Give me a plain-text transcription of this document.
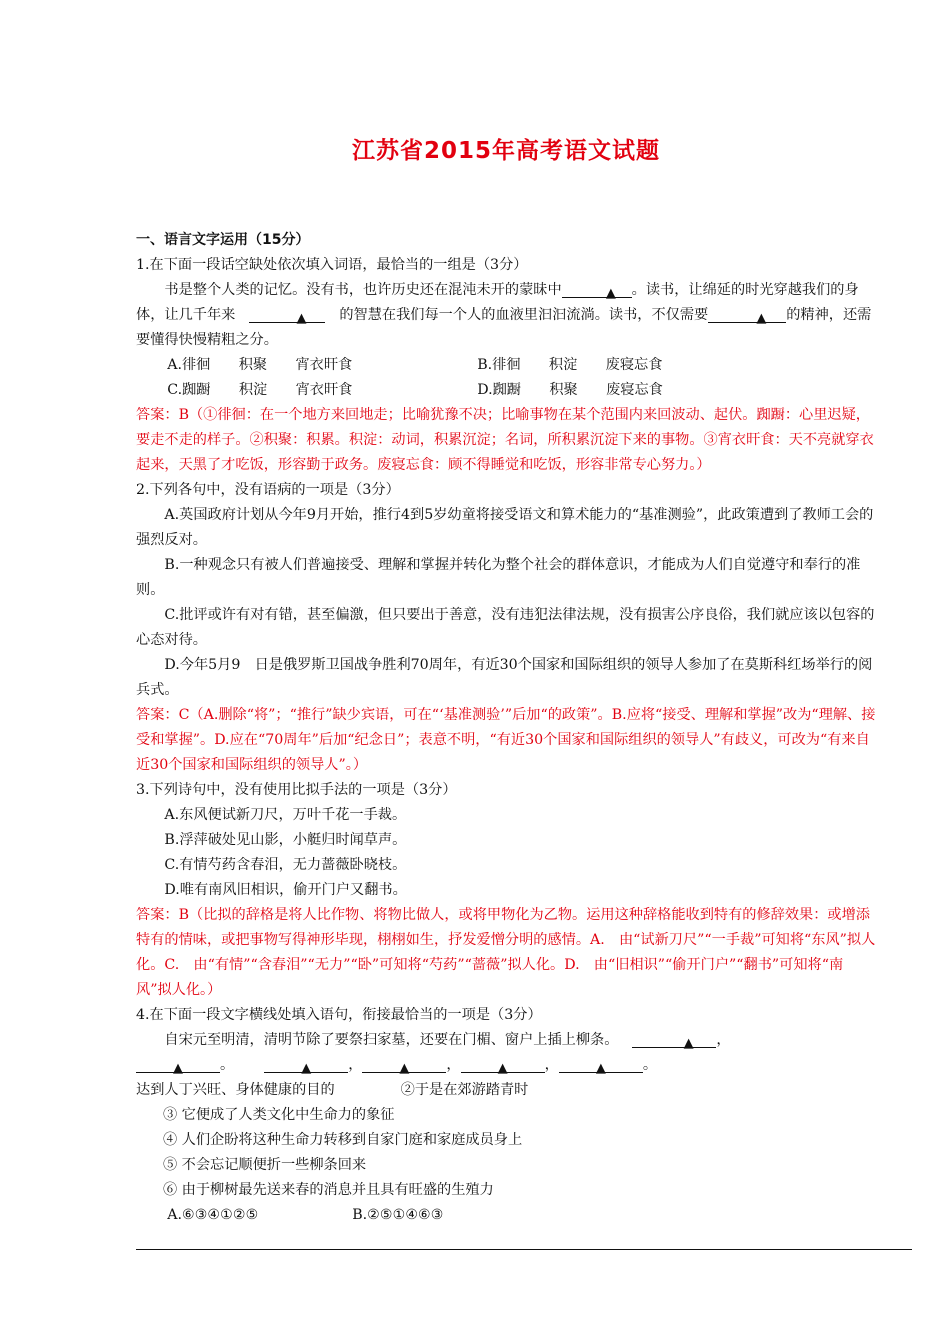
江苏省2015年高考语文试题

一、语言文字运用（15分）

1.在下面一段话空缺处依次填入词语，最恰当的一组是（3分）

书是整个人类的记忆。没有书，也许历史还在混沌未开的蒙昧中 ▲	。读书，让绵延的时光穿越我们的身体，让几千年来 ▲	的智慧在我们每一个人的血液里汩汩流淌。读书，不仅需要 ▲	的精神，还需要懂得快慢精粗之分。

A.徘徊　　积聚　　宵衣旰食	B.徘徊　　积淀　　废寝忘食

C.踟蹰　　积淀　　宵衣旰食	D.踟蹰　　积聚　　废寝忘食

答案：B（①徘徊：在一个地方来回地走；比喻犹豫不决；比喻事物在某个范围内来回波动、起伏。踟蹰：心里迟疑，要走不走的样子。②积聚：积累。积淀：动词，积累沉淀；名词，所积累沉淀下来的事物。③宵衣旰食：天不亮就穿衣起来，天黑了才吃饭，形容勤于政务。废寝忘食：顾不得睡觉和吃饭，形容非常专心努力。）

2.下列各句中，没有语病的一项是（3分）

A.英国政府计划从今年9月开始，推行4到5岁幼童将接受语文和算术能力的“基准测验”，此政策遭到了教师工会的强烈反对。

B.一种观念只有被人们普遍接受、理解和掌握并转化为整个社会的群体意识，才能成为人们自觉遵守和奉行的准则。

C.批评或许有对有错，甚至偏激，但只要出于善意，没有违犯法律法规，没有损害公序良俗，我们就应该以包容的心态对待。

D.今年5月9　日是俄罗斯卫国战争胜利70周年，有近30个国家和国际组织的领导人参加了在莫斯科红场举行的阅兵式。

答案：C（A.删除“将”；“推行”缺少宾语，可在“‘基准测验’”后加“的政策”。B.应将“接受、理解和掌握”改为“理解、接受和掌握”。D.应在“70周年”后加“纪念日”；表意不明，“有近30个国家和国际组织的领导人”有歧义，可改为“有来自近30个国家和国际组织的领导人”。）

3.下列诗句中，没有使用比拟手法的一项是（3分）

A.东风便试新刀尺，万叶千花一手裁。

B.浮萍破处见山影，小艇归时闻草声。

C.有情芍药含春泪，无力蔷薇卧晓枝。

D.唯有南风旧相识，偷开门户又翻书。

答案：B（比拟的辞格是将人比作物、将物比做人，或将甲物化为乙物。运用这种辞格能收到特有的修辞效果：或增添特有的情味，或把事物写得神形毕现，栩栩如生，抒发爱憎分明的感情。A.　由“试新刀尺”“一手裁”可知将“东风”拟人化。C.　由“有情”“含春泪”“无力”“卧”可知将“芍药”“蔷薇”拟人化。D.　由“旧相识”“偷开门户”“翻书”可知将“南风”拟人化。）

4.在下面一段文字横线处填入语句，衔接最恰当的一项是（3分）

自宋元至明清，清明节除了要祭扫家墓，还要在门楣、窗户上插上柳条。 ▲	，

▲。 ▲	， ▲	， ▲	， ▲	。

达到人丁兴旺、身体健康的目的	②于是在郊游踏青时

③ 它便成了人类文化中生命力的象征

④ 人们企盼将这种生命力转移到自家门庭和家庭成员身上

⑤ 不会忘记顺便折一些柳条回来

⑥ 由于柳树最先送来春的消息并且具有旺盛的生殖力

A.⑥③④①②⑤	B.②⑤①④⑥③
